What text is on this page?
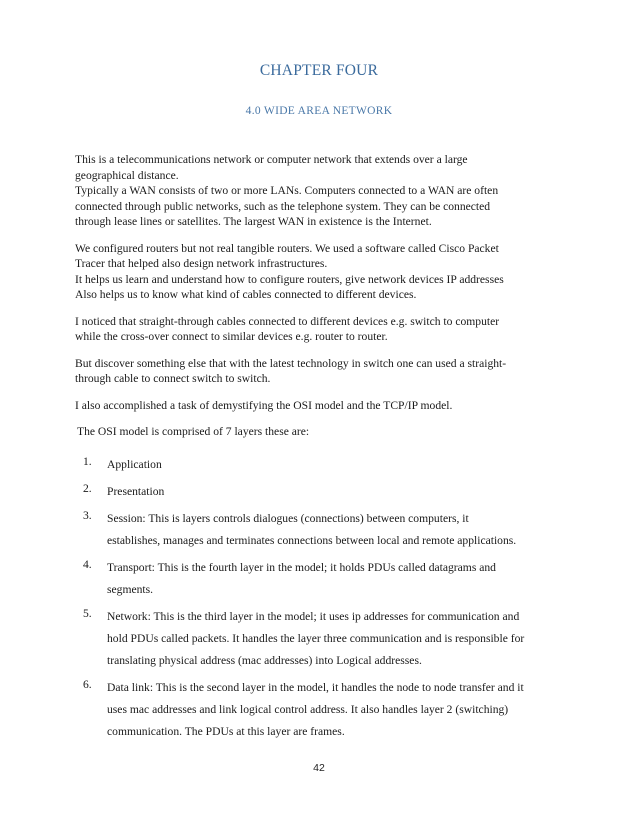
CHAPTER FOUR
4.0 WIDE AREA NETWORK
This is a telecommunications network or computer network that extends over a large
geographical distance.
Typically a WAN consists of two or more LANs. Computers connected to a WAN are often
connected through public networks, such as the telephone system. They can be connected
through lease lines or satellites. The largest WAN in existence is the Internet.
We configured routers but not real tangible routers. We used a software called Cisco Packet
Tracer that helped also design network infrastructures.
It helps us learn and understand how to configure routers, give network devices IP addresses
Also helps us to know what kind of cables connected to different devices.
I noticed that straight-through cables connected to different devices e.g. switch to computer
while the cross-over connect to similar devices e.g. router to router.
But discover something else that with the latest technology in switch one can used a straight-
through cable to connect switch to switch.
I also accomplished a task of demystifying the OSI model and the TCP/IP model.
The OSI model is comprised of 7 layers these are:
1. Application
2. Presentation
3. Session: This is layers controls dialogues (connections) between computers, it
establishes, manages and terminates connections between local and remote applications.
4. Transport: This is the fourth layer in the model; it holds PDUs called datagrams and
segments.
5. Network: This is the third layer in the model; it uses ip addresses for communication and
hold PDUs called packets. It handles the layer three communication and is responsible for
translating physical address (mac addresses) into Logical addresses.
6. Data link: This is the second layer in the model, it handles the node to node transfer and it
uses mac addresses and link logical control address. It also handles layer 2 (switching)
communication. The PDUs at this layer are frames.
42
